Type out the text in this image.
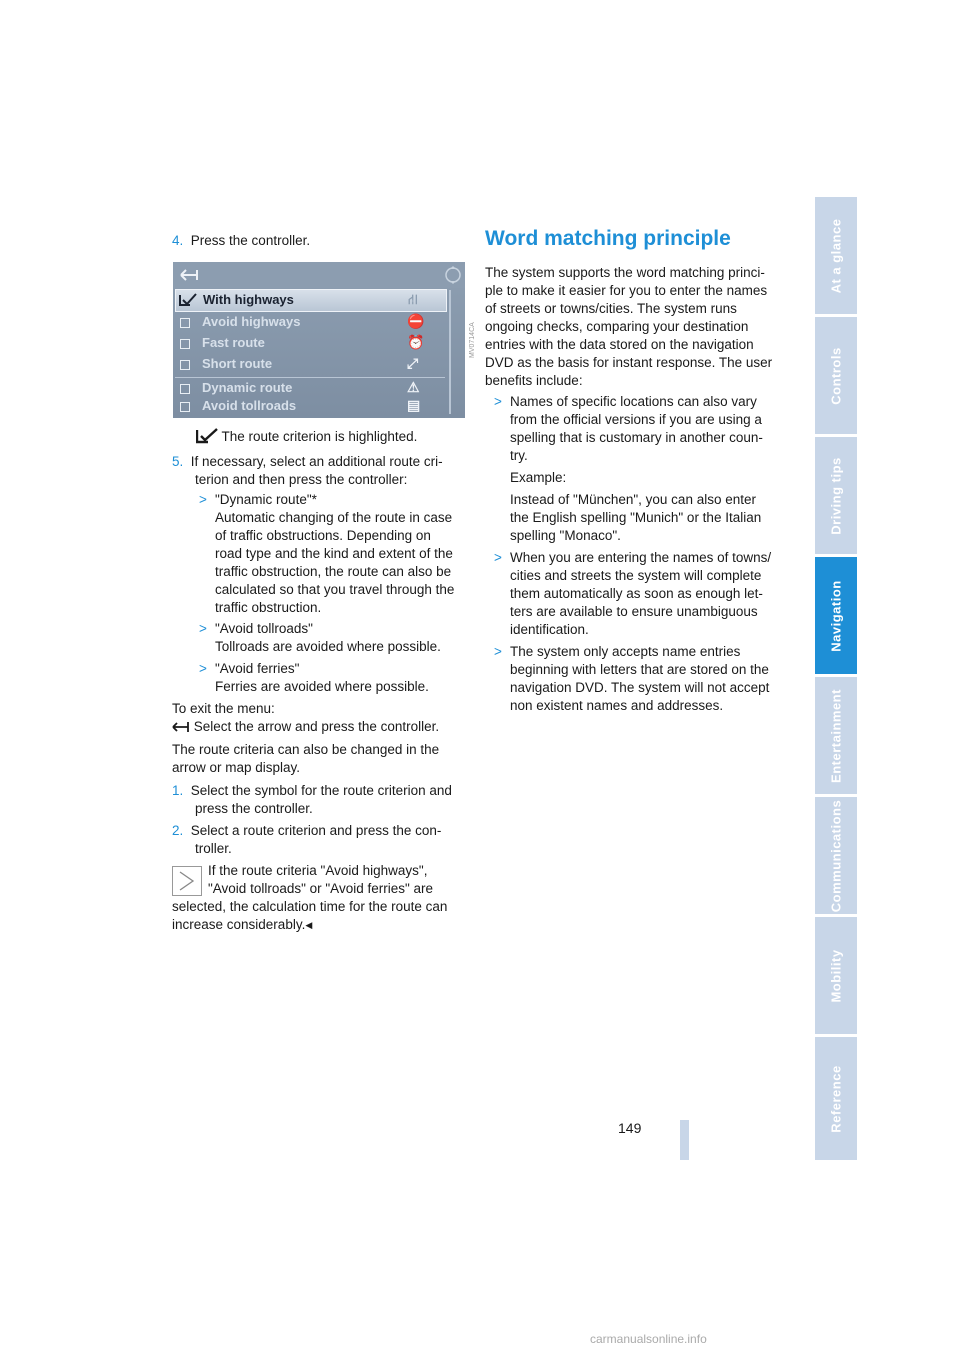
At a glance
Controls
Driving tips
Navigation
Entertainment
Communications
Mobility
Reference

4. Press the controller.

With highways	⛙
Avoid highways	⛔
Fast route	⏰
Short route	⤢
Dynamic route	⚠
Avoid tollroads	▤
MV0714CA

The route criterion is highlighted.

5. If necessary, select an additional route cri-

terion and then press the controller:

> "Dynamic route"*

Automatic changing of the route in case

of traffic obstructions. Depending on

road type and the kind and extent of the

traffic obstruction, the route can also be

calculated so that you travel through the

traffic obstruction.

> "Avoid tollroads"

Tollroads are avoided where possible.

> "Avoid ferries"

Ferries are avoided where possible.

To exit the menu:

Select the arrow and press the controller.

The route criteria can also be changed in the

arrow or map display.

1. Select the symbol for the route criterion and

press the controller.

2. Select a route criterion and press the con-

troller.

If the route criteria "Avoid highways",

"Avoid tollroads" or "Avoid ferries" are

selected, the calculation time for the route can

increase considerably.◀

Word matching principle

The system supports the word matching princi-

ple to make it easier for you to enter the names

of streets or towns/cities. The system runs

ongoing checks, comparing your destination

entries with the data stored on the navigation

DVD as the basis for instant response. The user

benefits include:

> Names of specific locations can also vary

from the official versions if you are using a

spelling that is customary in another coun-

try.

Example:

Instead of "München", you can also enter

the English spelling "Munich" or the Italian

spelling "Monaco".

> When you are entering the names of towns/

cities and streets the system will complete

them automatically as soon as enough let-

ters are available to ensure unambiguous

identification.

> The system only accepts name entries

beginning with letters that are stored on the

navigation DVD. The system will not accept

non existent names and addresses.

149
carmanualsonline.info
